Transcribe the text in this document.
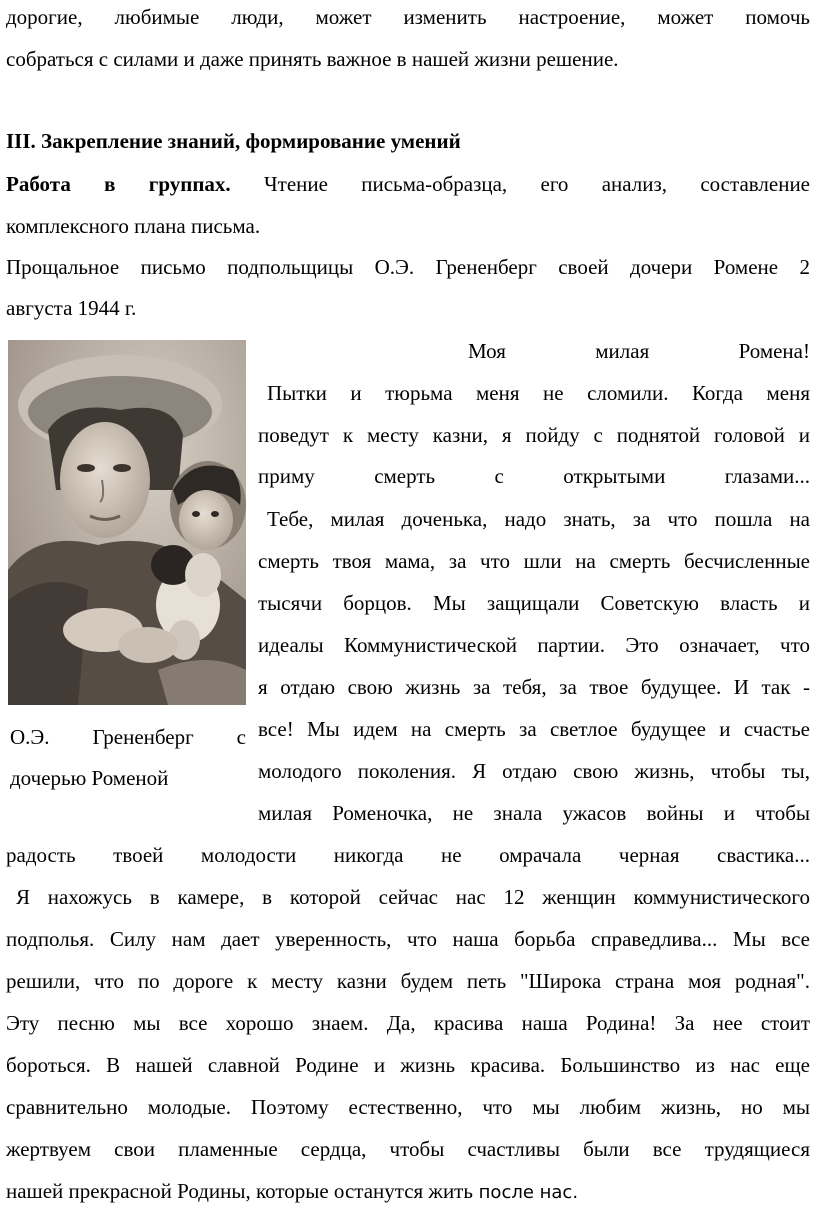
дорогие, любимые люди, может изменить настроение, может помочь
собраться с силами и даже принять важное в нашей жизни решение.
III. Закрепление знаний, формирование умений
Работа в группах. Чтение письма-образца, его анализ, составление
комплексного плана письма.
Прощальное письмо подпольщицы О.Э. Грененберг своей дочери Ромене 2
августа 1944 г.
О.Э. Грененберг с
дочерью Роменой
Моя милая Ромена!
Пытки и тюрьма меня не сломили. Когда меня
поведут к месту казни, я пойду с поднятой головой и
приму смерть с открытыми глазами...
Тебе, милая доченька, надо знать, за что пошла на
смерть твоя мама, за что шли на смерть бесчисленные
тысячи борцов. Мы защищали Советскую власть и
идеалы Коммунистической партии. Это означает, что
я отдаю свою жизнь за тебя, за твое будущее. И так -
все! Мы идем на смерть за светлое будущее и счастье
молодого поколения. Я отдаю свою жизнь, чтобы ты,
милая Роменочка, не знала ужасов войны и чтобы
радость твоей молодости никогда не омрачала черная свастика...
Я нахожусь в камере, в которой сейчас нас 12 женщин коммунистического
подполья. Силу нам дает уверенность, что наша борьба справедлива... Мы все
решили, что по дороге к месту казни будем петь "Широка страна моя родная".
Эту песню мы все хорошо знаем. Да, красива наша Родина! За нее стоит
бороться. В нашей славной Родине и жизнь красива. Большинство из нас еще
сравнительно молодые. Поэтому естественно, что мы любим жизнь, но мы
жертвуем свои пламенные сердца, чтобы счастливы были все трудящиеся
нашей прекрасной Родины, которые останутся жить после нас.
